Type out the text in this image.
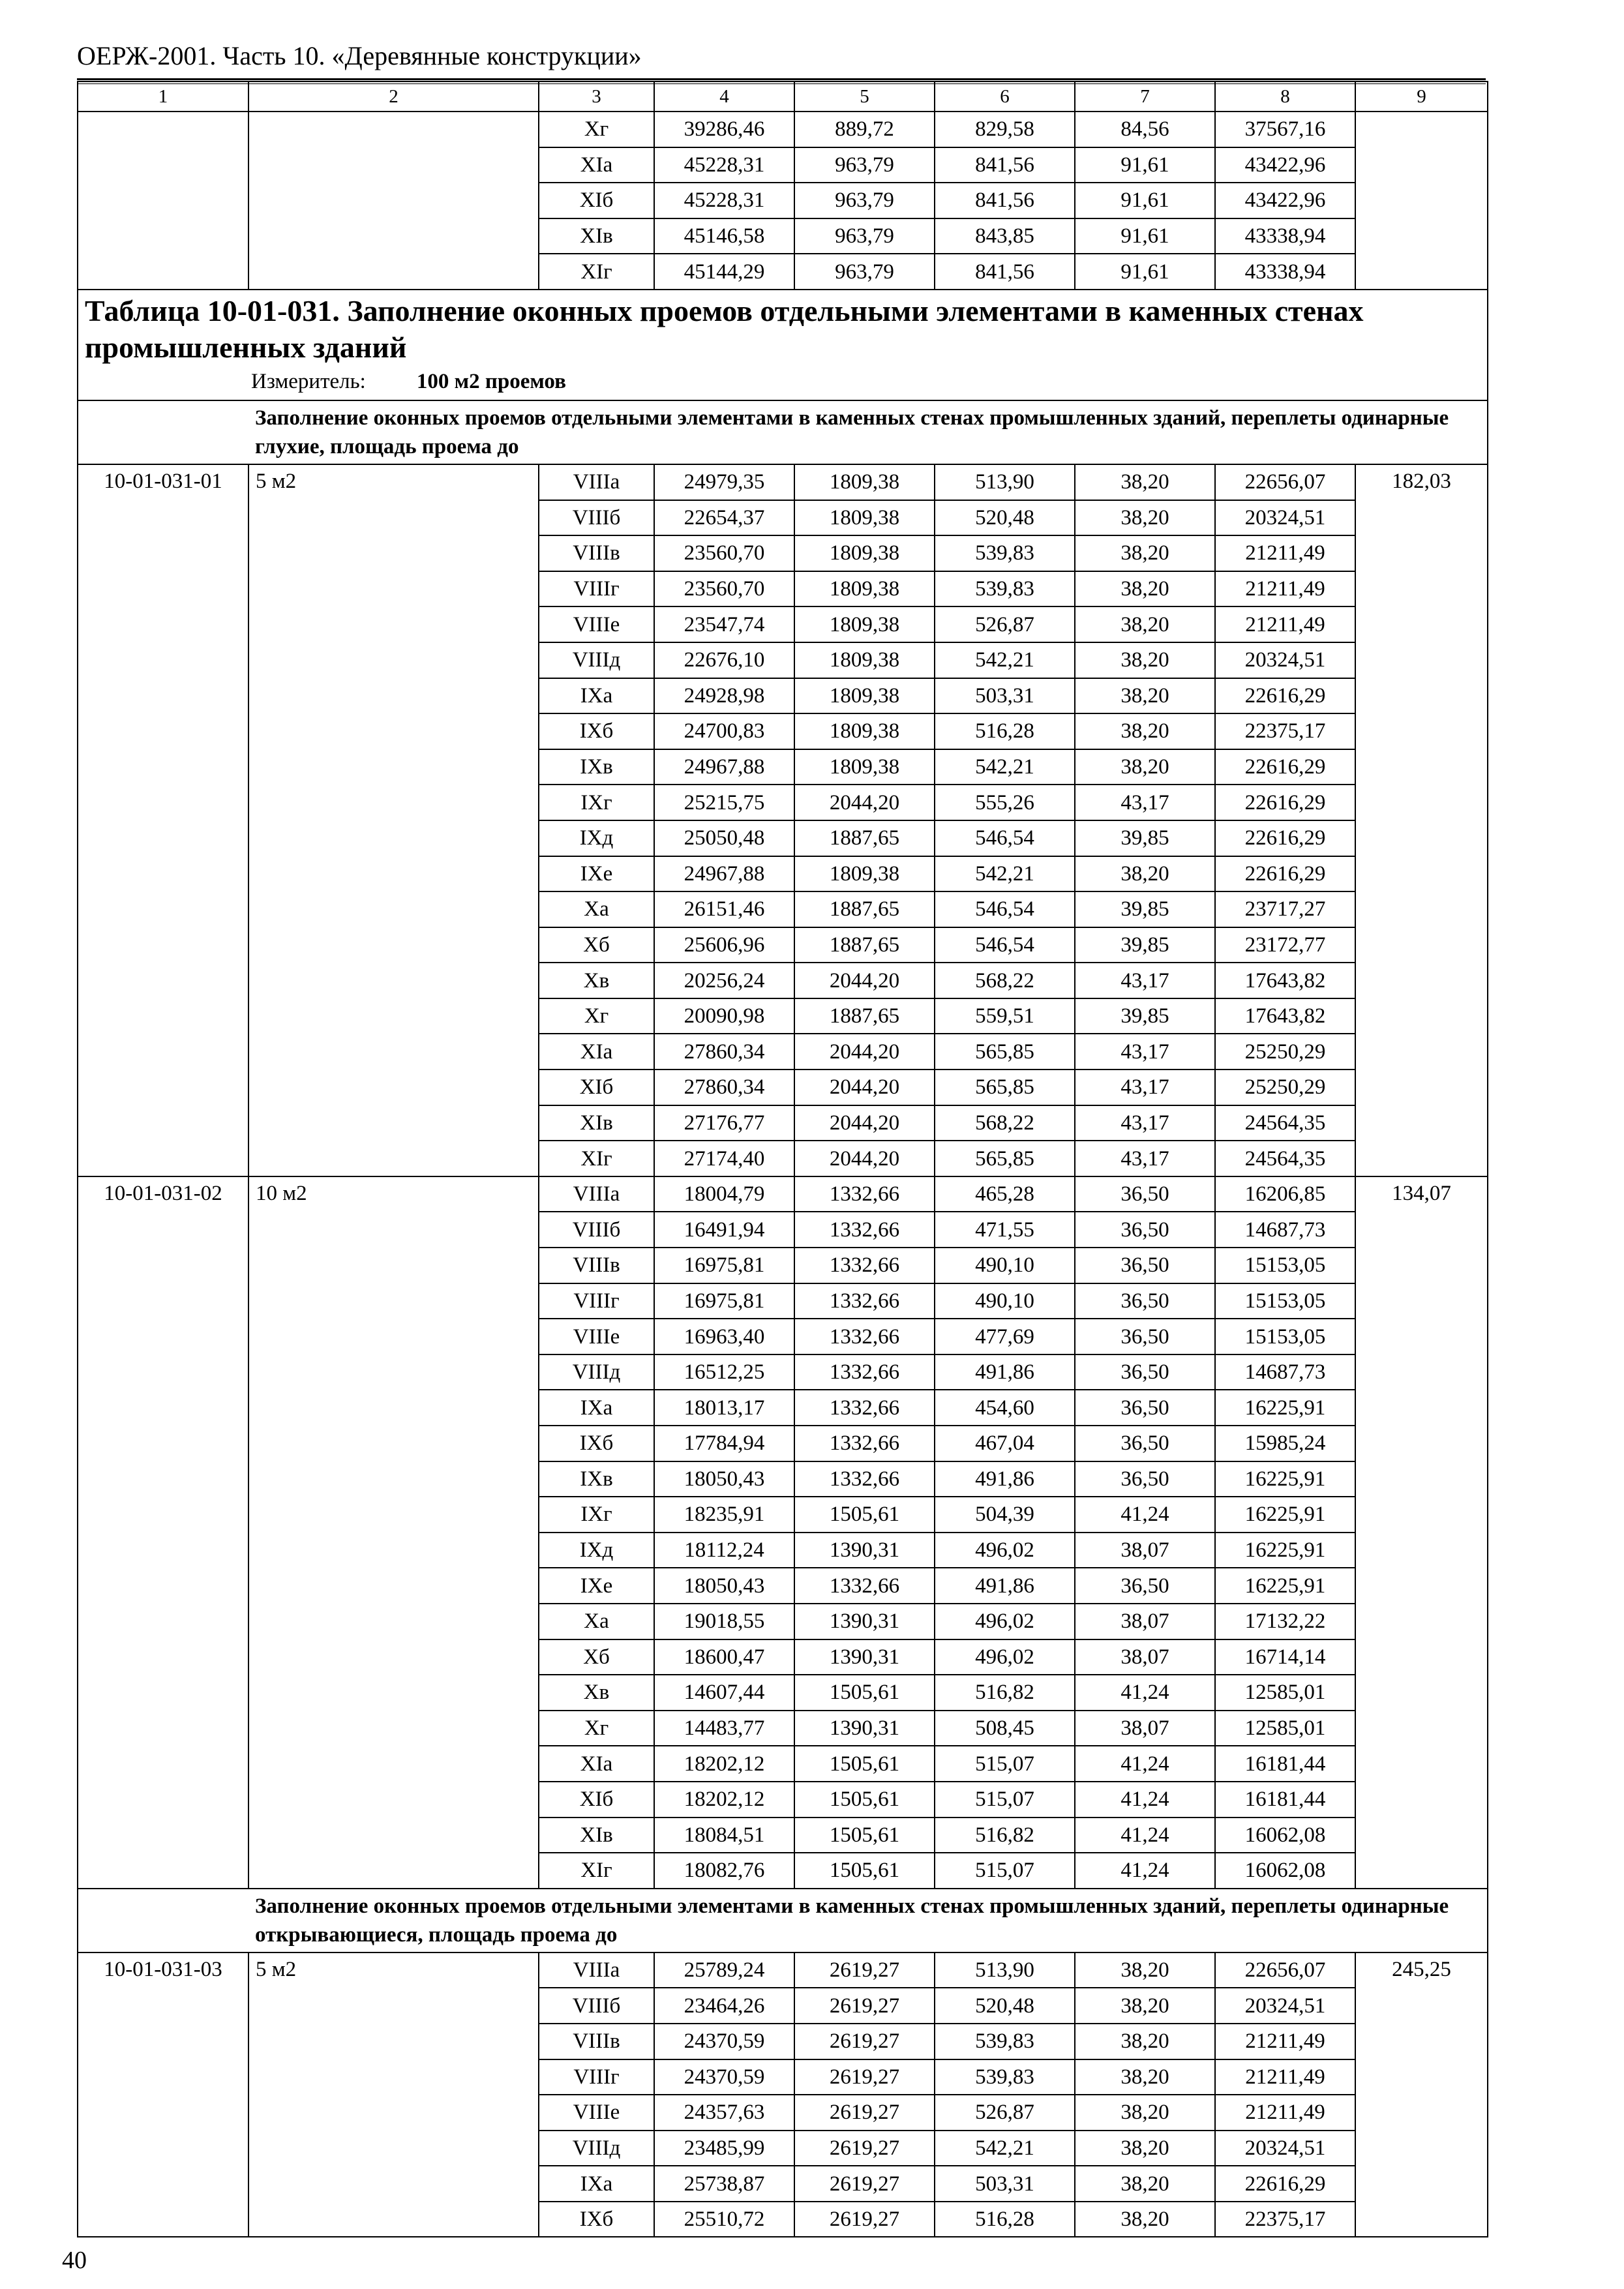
ОЕРЖ-2001. Часть 10. «Деревянные конструкции»
1	2	3	4	5	6	7	8	9
		Xг	39286,46	889,72	829,58	84,56	37567,16	
		XIа	45228,31	963,79	841,56	91,61	43422,96	
		XIб	45228,31	963,79	841,56	91,61	43422,96	
		XIв	45146,58	963,79	843,85	91,61	43338,94	
		XIг	45144,29	963,79	841,56	91,61	43338,94	

Таблица 10-01-031. Заполнение оконных проемов отдельными элементами в каменных стенах промышленных зданий
Измеритель: 100 м2 проемов								

	Заполнение оконных проемов отдельными элементами в каменных стенах промышленных зданий, переплеты одинарные глухие, площадь проема до							
10-01-031-01	5 м2	VIIIа	24979,35	1809,38	513,90	38,20	22656,07	182,03
		VIIIб	22654,37	1809,38	520,48	38,20	20324,51	
		VIIIв	23560,70	1809,38	539,83	38,20	21211,49	
		VIIIг	23560,70	1809,38	539,83	38,20	21211,49	
		VIIIе	23547,74	1809,38	526,87	38,20	21211,49	
		VIIIд	22676,10	1809,38	542,21	38,20	20324,51	
		IXа	24928,98	1809,38	503,31	38,20	22616,29	
		IXб	24700,83	1809,38	516,28	38,20	22375,17	
		IXв	24967,88	1809,38	542,21	38,20	22616,29	
		IXг	25215,75	2044,20	555,26	43,17	22616,29	
		IXд	25050,48	1887,65	546,54	39,85	22616,29	
		IXе	24967,88	1809,38	542,21	38,20	22616,29	
		Xа	26151,46	1887,65	546,54	39,85	23717,27	
		Xб	25606,96	1887,65	546,54	39,85	23172,77	
		Xв	20256,24	2044,20	568,22	43,17	17643,82	
		Xг	20090,98	1887,65	559,51	39,85	17643,82	
		XIа	27860,34	2044,20	565,85	43,17	25250,29	
		XIб	27860,34	2044,20	565,85	43,17	25250,29	
		XIв	27176,77	2044,20	568,22	43,17	24564,35	
		XIг	27174,40	2044,20	565,85	43,17	24564,35	
10-01-031-02	10 м2	VIIIа	18004,79	1332,66	465,28	36,50	16206,85	134,07
		VIIIб	16491,94	1332,66	471,55	36,50	14687,73	
		VIIIв	16975,81	1332,66	490,10	36,50	15153,05	
		VIIIг	16975,81	1332,66	490,10	36,50	15153,05	
		VIIIе	16963,40	1332,66	477,69	36,50	15153,05	
		VIIIд	16512,25	1332,66	491,86	36,50	14687,73	
		IXа	18013,17	1332,66	454,60	36,50	16225,91	
		IXб	17784,94	1332,66	467,04	36,50	15985,24	
		IXв	18050,43	1332,66	491,86	36,50	16225,91	
		IXг	18235,91	1505,61	504,39	41,24	16225,91	
		IXд	18112,24	1390,31	496,02	38,07	16225,91	
		IXе	18050,43	1332,66	491,86	36,50	16225,91	
		Xа	19018,55	1390,31	496,02	38,07	17132,22	
		Xб	18600,47	1390,31	496,02	38,07	16714,14	
		Xв	14607,44	1505,61	516,82	41,24	12585,01	
		Xг	14483,77	1390,31	508,45	38,07	12585,01	
		XIа	18202,12	1505,61	515,07	41,24	16181,44	
		XIб	18202,12	1505,61	515,07	41,24	16181,44	
		XIв	18084,51	1505,61	516,82	41,24	16062,08	
		XIг	18082,76	1505,61	515,07	41,24	16062,08	
	Заполнение оконных проемов отдельными элементами в каменных стенах промышленных зданий, переплеты одинарные открывающиеся, площадь проема до							
10-01-031-03	5 м2	VIIIа	25789,24	2619,27	513,90	38,20	22656,07	245,25
		VIIIб	23464,26	2619,27	520,48	38,20	20324,51	
		VIIIв	24370,59	2619,27	539,83	38,20	21211,49	
		VIIIг	24370,59	2619,27	539,83	38,20	21211,49	
		VIIIе	24357,63	2619,27	526,87	38,20	21211,49	
		VIIIд	23485,99	2619,27	542,21	38,20	20324,51	
		IXа	25738,87	2619,27	503,31	38,20	22616,29	
		IXб	25510,72	2619,27	516,28	38,20	22375,17	
40
